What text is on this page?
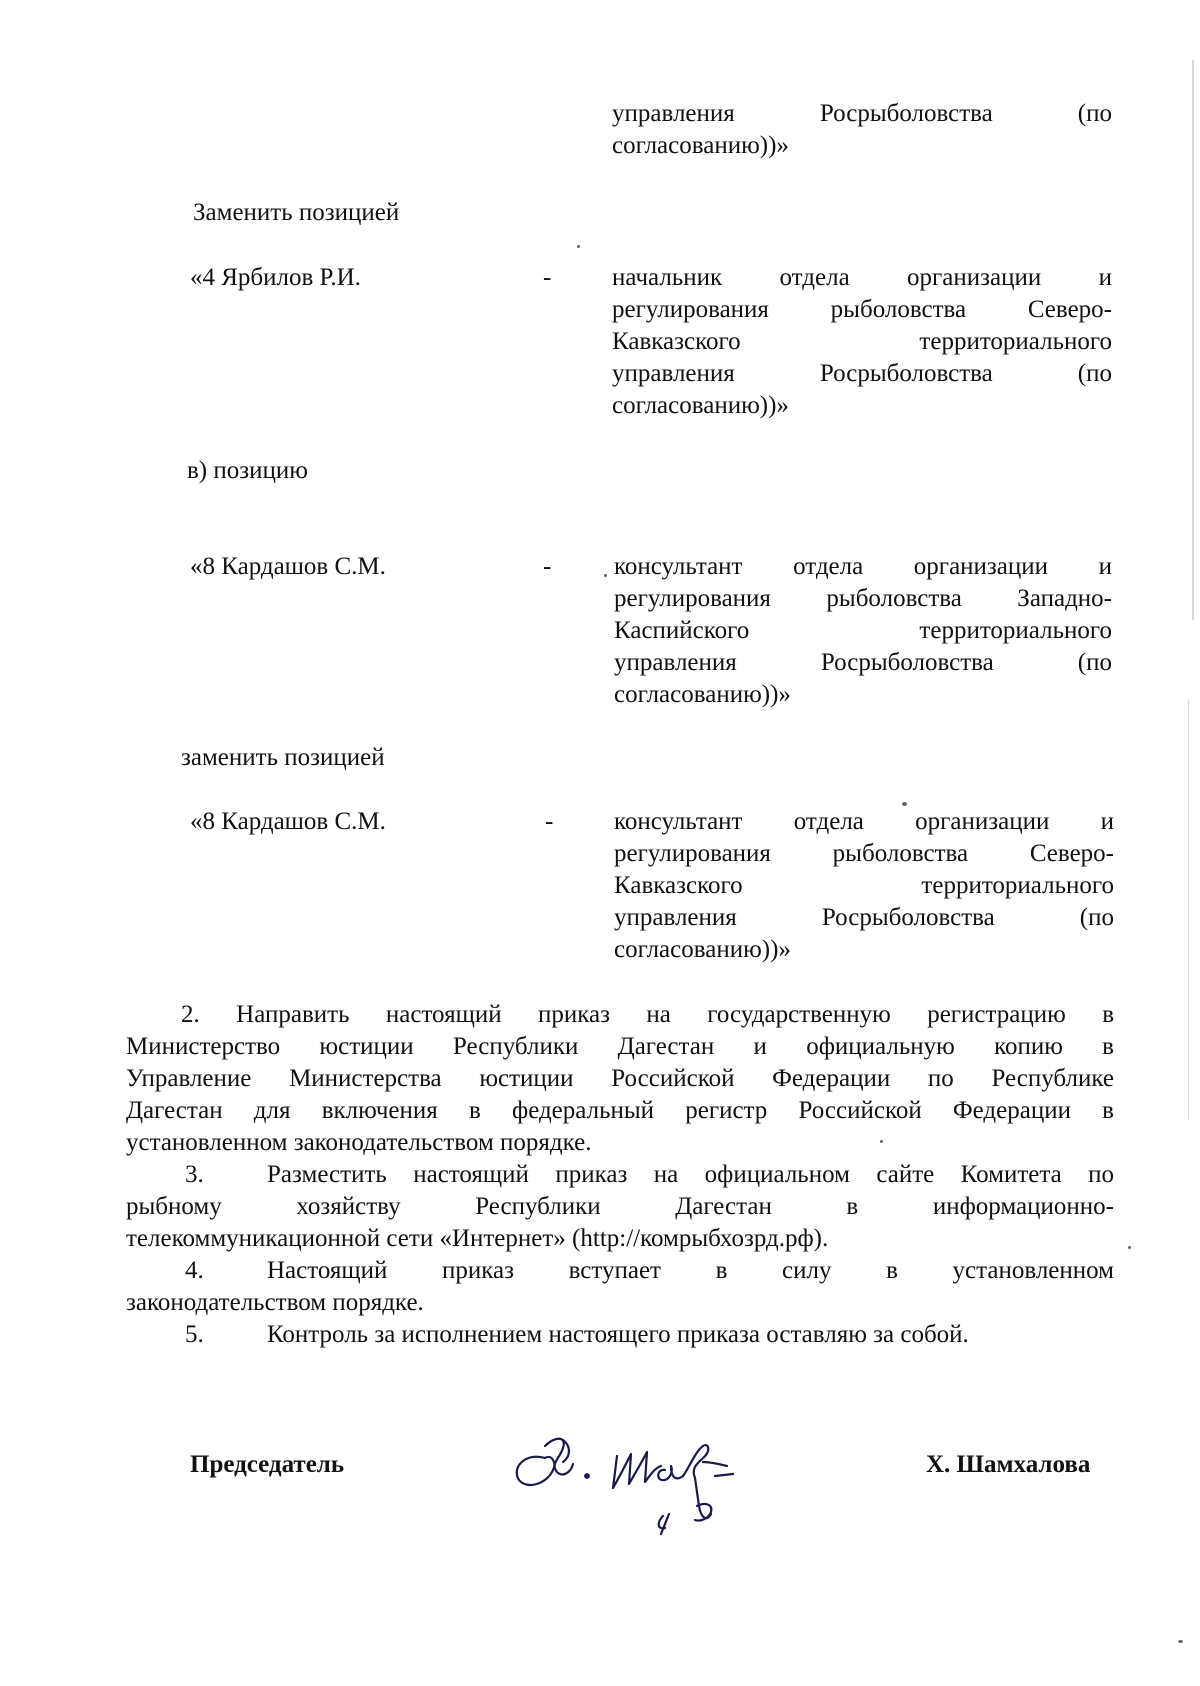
управления Росрыболовства (по
согласованию))»
Заменить позицией
«4 Ярбилов Р.И.	- начальник отдела организации и
регулирования рыболовства Северо-
Кавказского территориального
управления Росрыболовства (по
согласованию))»
в) позицию
«8 Кардашов С.М.	-	консультант отдела организации и
регулирования рыболовства Западно-
Каспийского территориального
управления Росрыболовства (по
согласованию))»
заменить позицией
«8 Кардашов С.М.	- консультант отдела организации и
регулирования рыболовства Северо-
Кавказского территориального
управления Росрыболовства (по
согласованию))»
2. Направить настоящий приказ на государственную регистрацию в
Министерство юстиции Республики Дагестан и официальную копию в
Управление Министерства юстиции Российской Федерации по Республике
Дагестан для включения в федеральный регистр Российской Федерации в
установленном законодательством порядке.
3.	Разместить настоящий приказ на официальном сайте Комитета по
рыбному хозяйству Республики Дагестан в информационно-
телекоммуникационной сети «Интернет» (http://комрыбхозрд.рф).
4.	Настоящий приказ вступает в силу в установленном
законодательством порядке.
5.	Контроль за исполнением настоящего приказа оставляю за собой.
Председатель	Х. Шамхалова
